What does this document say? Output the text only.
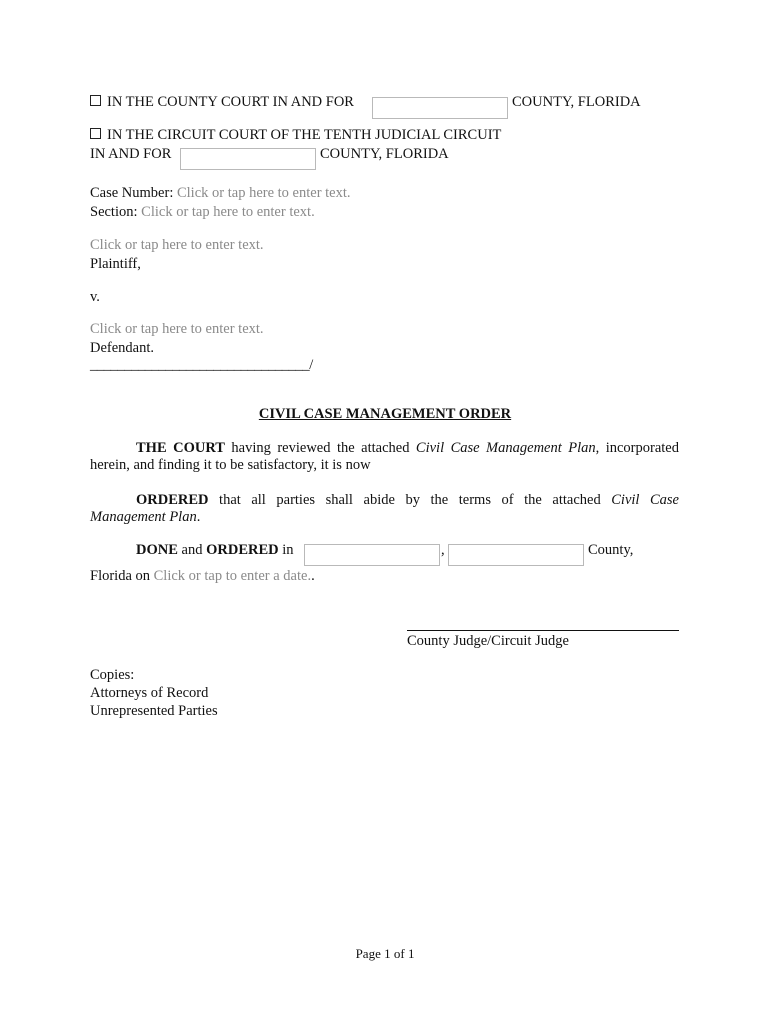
IN THE COUNTY COURT IN AND FOR	COUNTY, FLORIDA
IN THE CIRCUIT COURT OF THE TENTH JUDICIAL CIRCUIT
IN AND FOR	COUNTY, FLORIDA
Case Number: Click or tap here to enter text.
Section: Click or tap here to enter text.
Click or tap here to enter text.
Plaintiff,
v.
Click or tap here to enter text.
Defendant.
________________________________/
CIVIL CASE MANAGEMENT ORDER
THE COURT having reviewed the attached Civil Case Management Plan, incorporated
herein, and finding it to be satisfactory, it is now
ORDERED that all parties shall abide by the terms of the attached Civil Case
Management Plan.
DONE and ORDERED in	,	County,
Florida on Click or tap to enter a date..
County Judge/Circuit Judge
Copies:
Attorneys of Record
Unrepresented Parties
Page 1 of 1
